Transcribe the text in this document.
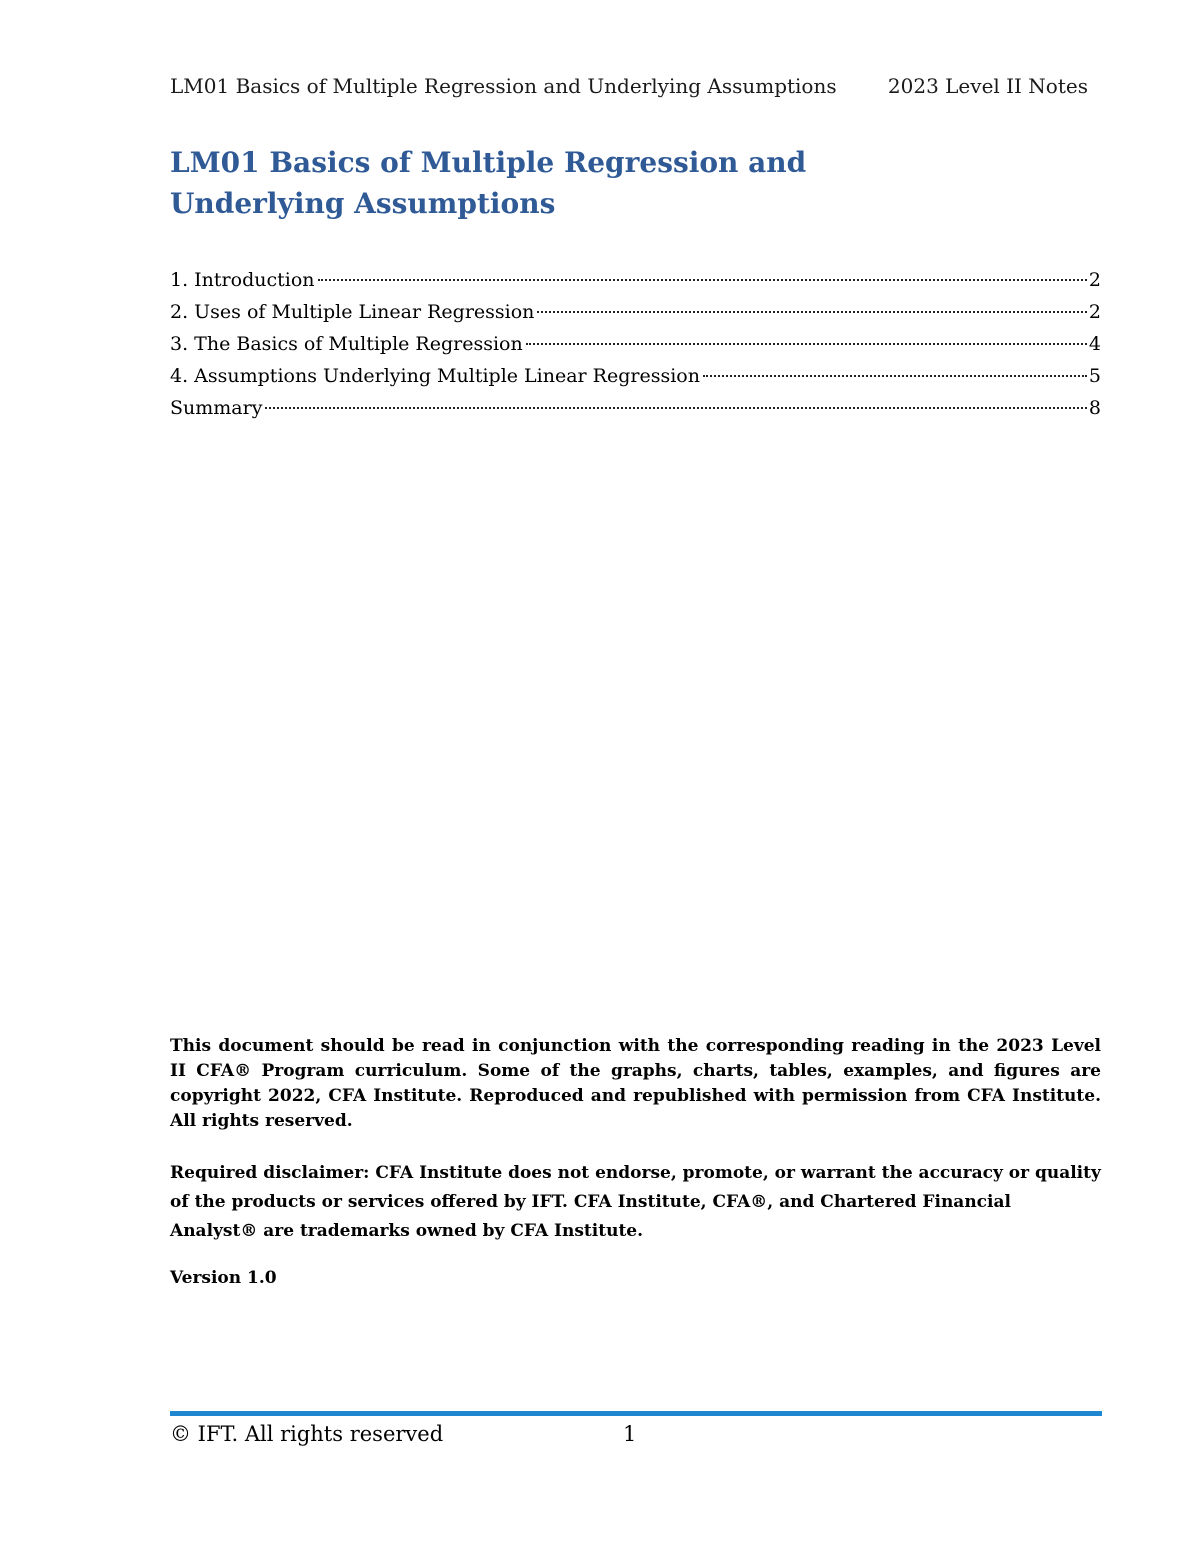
LM01 Basics of Multiple Regression and Underlying Assumptions	2023 Level II Notes
LM01 Basics of Multiple Regression and Underlying Assumptions
1. Introduction	2
2. Uses of Multiple Linear Regression	2
3. The Basics of Multiple Regression	4
4. Assumptions Underlying Multiple Linear Regression	5
Summary	8

This document should be read in conjunction with the corresponding reading in the 2023 Level II CFA® Program curriculum. Some of the graphs, charts, tables, examples, and figures are copyright 2022, CFA Institute. Reproduced and republished with permission from CFA Institute. All rights reserved.

Required disclaimer: CFA Institute does not endorse, promote, or warrant the accuracy or quality of the products or services offered by IFT. CFA Institute, CFA®, and Chartered Financial Analyst® are trademarks owned by CFA Institute.

Version 1.0

© IFT. All rights reserved	1
